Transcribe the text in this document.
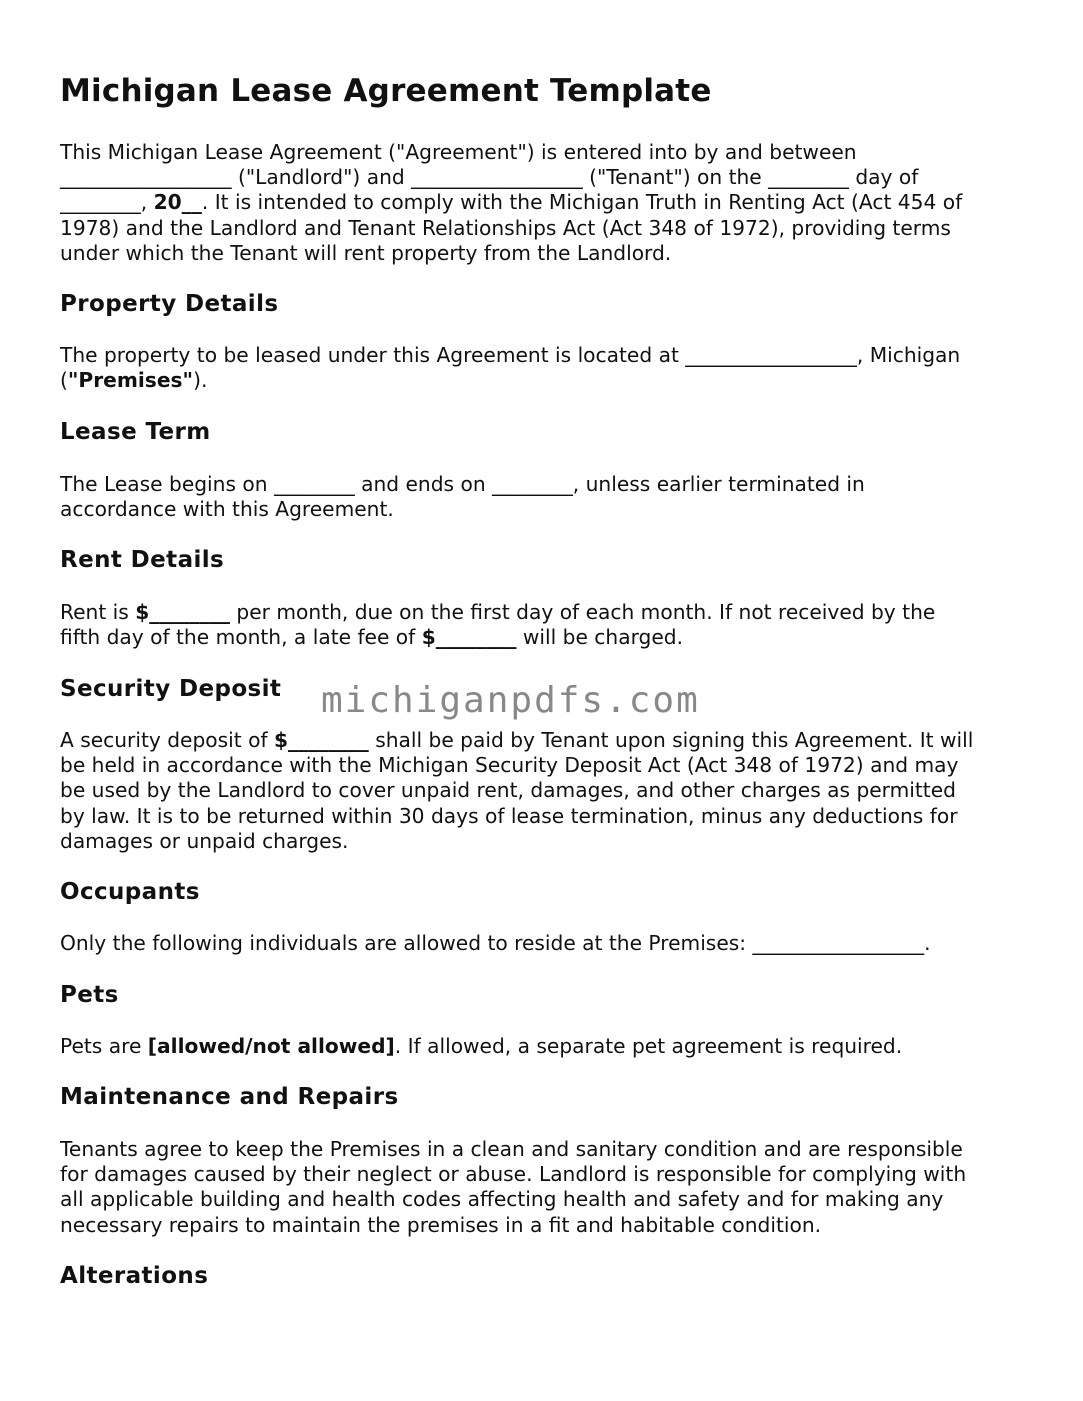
Michigan Lease Agreement Template

This Michigan Lease Agreement ("Agreement") is entered into by and between
_________________ ("Landlord") and _________________ ("Tenant") on the ________ day of
________, 20__. It is intended to comply with the Michigan Truth in Renting Act (Act 454 of
1978) and the Landlord and Tenant Relationships Act (Act 348 of 1972), providing terms
under which the Tenant will rent property from the Landlord.

Property Details

The property to be leased under this Agreement is located at _________________, Michigan
("Premises").

Lease Term

The Lease begins on ________ and ends on ________, unless earlier terminated in
accordance with this Agreement.

Rent Details

Rent is $________ per month, due on the first day of each month. If not received by the
fifth day of the month, a late fee of $________ will be charged.

Security Deposit

A security deposit of $________ shall be paid by Tenant upon signing this Agreement. It will
be held in accordance with the Michigan Security Deposit Act (Act 348 of 1972) and may
be used by the Landlord to cover unpaid rent, damages, and other charges as permitted
by law. It is to be returned within 30 days of lease termination, minus any deductions for
damages or unpaid charges.

Occupants

Only the following individuals are allowed to reside at the Premises: _________________.

Pets

Pets are [allowed/not allowed]. If allowed, a separate pet agreement is required.

Maintenance and Repairs

Tenants agree to keep the Premises in a clean and sanitary condition and are responsible
for damages caused by their neglect or abuse. Landlord is responsible for complying with
all applicable building and health codes affecting health and safety and for making any
necessary repairs to maintain the premises in a fit and habitable condition.

Alterations
michiganpdfs.com
